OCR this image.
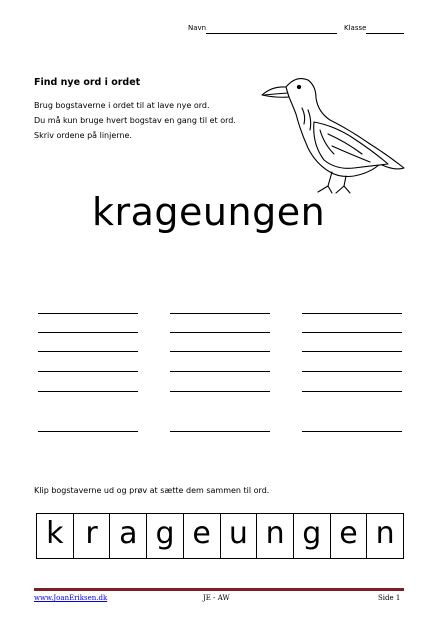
Navn	Klasse
Find nye ord i ordet
Brug bogstaverne i ordet til at lave nye ord.
Du må kun bruge hvert bogstav en gang til et ord.
Skriv ordene på linjerne.
krageungen
Klip bogstaverne ud og prøv at sætte dem sammen til ord.
k r a g e u n g e n
www.JoanEriksen.dk	JE - AW	Side 1
